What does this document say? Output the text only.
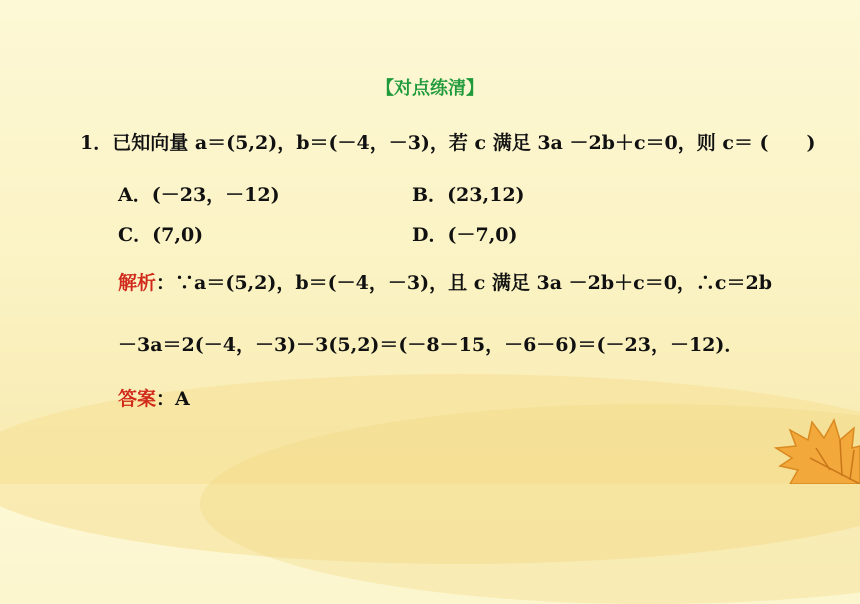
【对点练清】
1．已知向量 a＝(5,2)，b＝(－4，－3)，若 c 满足 3a －2b＋c＝0，则 c＝ (　　)
A．(－23，－12)	B．(23,12)
C．(7,0)	D．(－7,0)
解析：∵a＝(5,2)，b＝(－4，－3)，且 c 满足 3a －2b＋c＝0，∴c＝2b
－3a＝2(－4，－3)－3(5,2)＝(－8－15，－6－6)＝(－23，－12)．
答案：A
